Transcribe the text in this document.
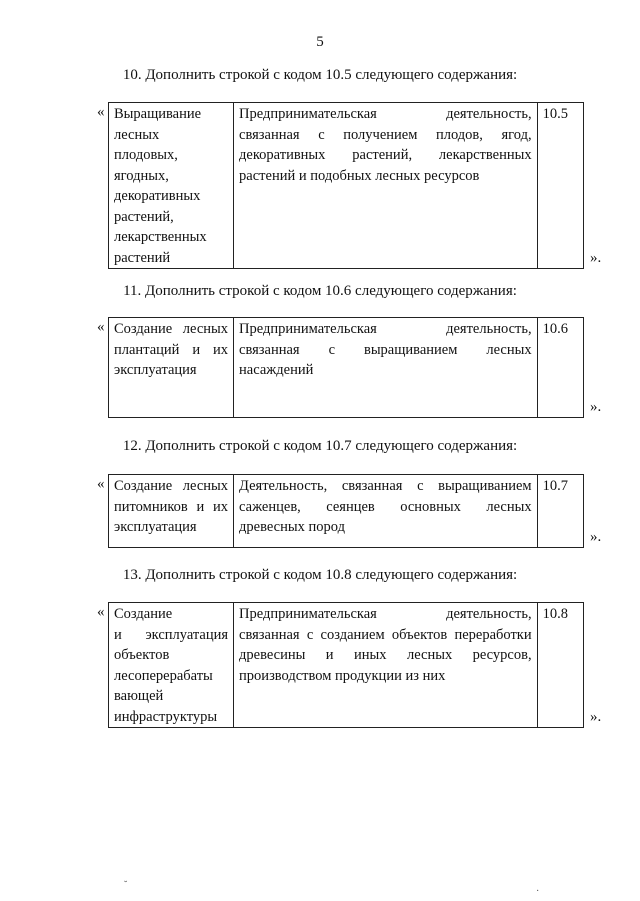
5
10. Дополнить строкой с кодом 10.5 следующего содержания:
« Выращивание
лесных
плодовых,
ягодных,
декоративных
растений,
лекарственных
растений

Предпринимательская деятельность,
связанная с получением плодов, ягод,
декоративных растений, лекарственных
растений и подобных лесных ресурсов
	10.5
».
11. Дополнить строкой с кодом 10.6 следующего содержания:
« Создание лесных
плантаций и их
эксплуатация

Предпринимательская деятельность,
связанная с выращиванием лесных
насаждений
	10.6
».
12. Дополнить строкой с кодом 10.7 следующего содержания:
« Создание лесных
питомников и их
эксплуатация

Деятельность, связанная с выращиванием
саженцев, сеянцев основных лесных
древесных пород
	10.7
».
13. Дополнить строкой с кодом 10.8 следующего содержания:
« Создание
и эксплуатация
объектов
лесоперерабаты
вающей
инфраструктуры

Предпринимательская деятельность,
связанная с созданием объектов переработки
древесины и иных лесных ресурсов,
производством продукции из них
	10.8
».
˘
·
